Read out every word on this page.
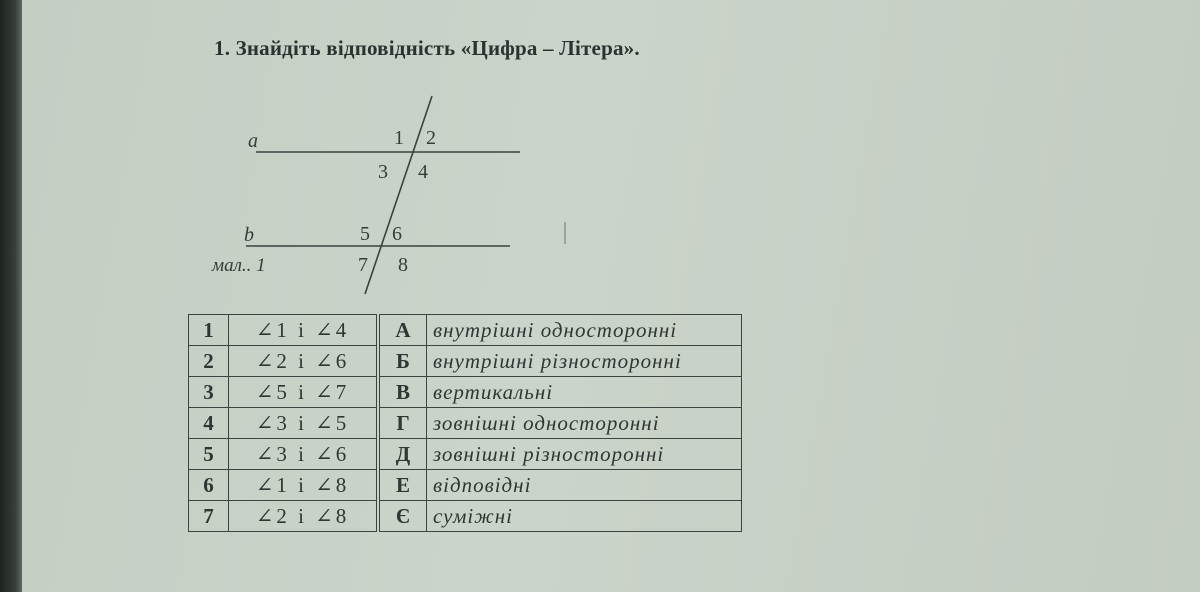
1. Знайдіть відповідність «Цифра – Літера».
a
b
мал.. 1
1 2
3 4
5 6
7 8
1	∠1 і ∠4	А	внутрішні односторонні
2	∠2 і ∠6	Б	внутрішні різносторонні
3	∠5 і ∠7	В	вертикальні
4	∠3 і ∠5	Г	зовнішні односторонні
5	∠3 і ∠6	Д	зовнішні різносторонні
6	∠1 і ∠8	Е	відповідні
7	∠2 і ∠8	Є	суміжні
